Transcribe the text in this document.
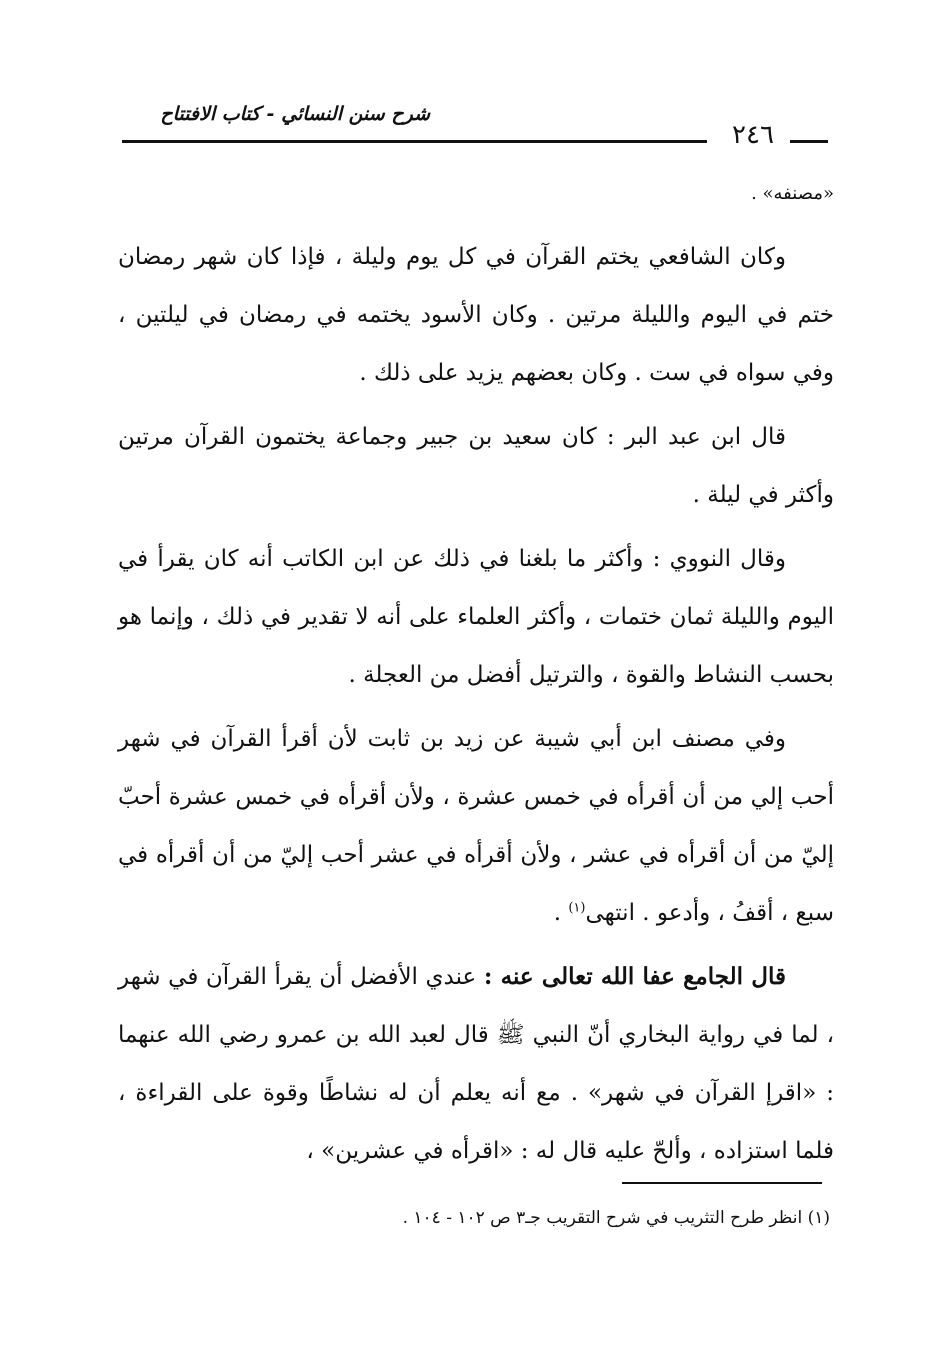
شرح سنن النسائي - كتاب الافتتاح
٢٤٦

«مصنفه» .

وكان الشافعي يختم القرآن في كل يوم وليلة ، فإذا كان شهر رمضان ختم في اليوم والليلة مرتين . وكان الأسود يختمه في رمضان في ليلتين ، وفي سواه في ست . وكان بعضهم يزيد على ذلك .

قال ابن عبد البر : كان سعيد بن جبير وجماعة يختمون القرآن مرتين وأكثر في ليلة .

وقال النووي : وأكثر ما بلغنا في ذلك عن ابن الكاتب أنه كان يقرأ في اليوم والليلة ثمان ختمات ، وأكثر العلماء على أنه لا تقدير في ذلك ، وإنما هو بحسب النشاط والقوة ، والترتيل أفضل من العجلة .

وفي مصنف ابن أبي شيبة عن زيد بن ثابت لأن أقرأ القرآن في شهر أحب إلي من أن أقرأه في خمس عشرة ، ولأن أقرأه في خمس عشرة أحبّ إليّ من أن أقرأه في عشر ، ولأن أقرأه في عشر أحب إليّ من أن أقرأه في سبع ، أقفُ ، وأدعو . انتهى$^{(١)}$ .

قال الجامع عفا الله تعالى عنه : عندي الأفضل أن يقرأ القرآن في شهر ، لما في رواية البخاري أنّ النبي ﷺ قال لعبد الله بن عمرو رضي الله عنهما : «اقرإ القرآن في شهر» . مع أنه يعلم أن له نشاطًا وقوة على القراءة ، فلما استزاده ، وألحّ عليه قال له : «اقرأه في عشرين» ،

(١) انظر طرح التثريب في شرح التقريب جـ٣ ص ١٠٢ - ١٠٤ .
